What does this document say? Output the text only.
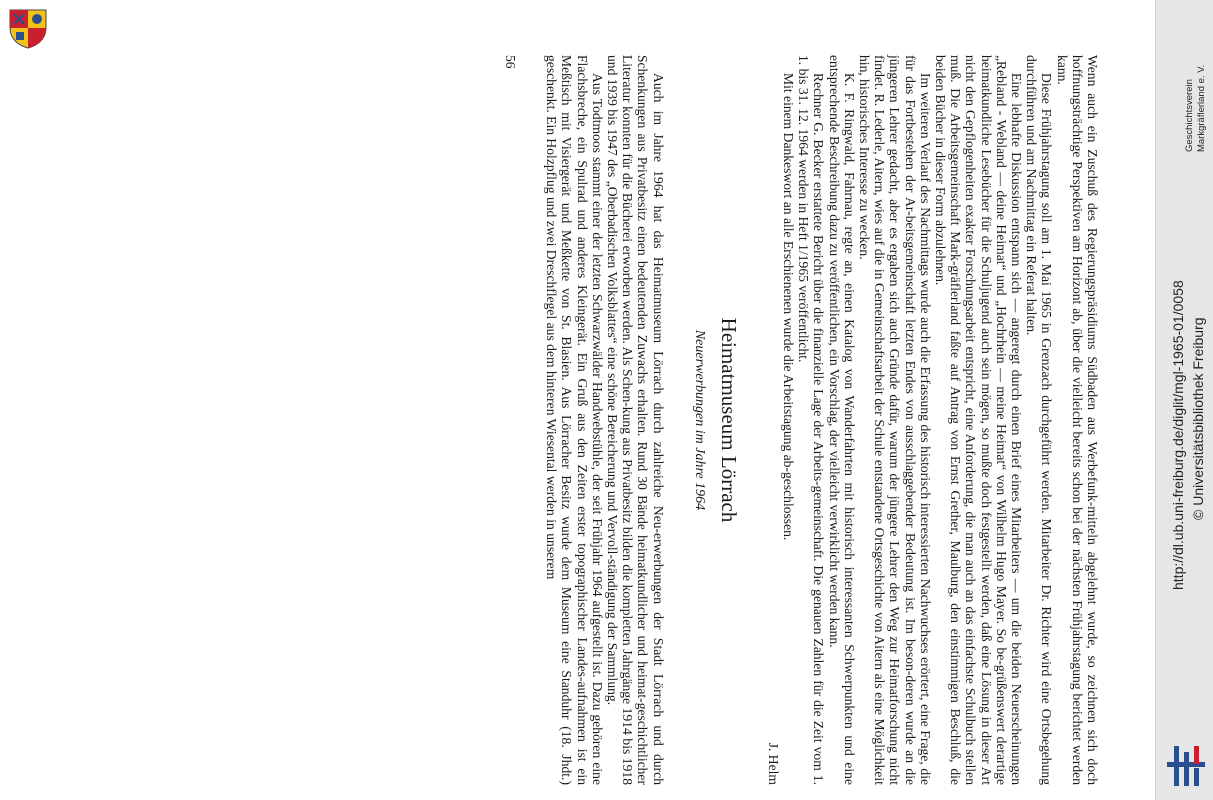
Wenn auch ein Zuschuß des Regierungspräsidiums Südbaden aus Werbefunk-mitteln abgelehnt wurde, so zeichnen sich doch hoffnungsträchtige Perspektiven am Horizont ab, über die vielleicht bereits schon bei der nächsten Frühjahrstagung berichtet werden kann.

Diese Frühjahrstagung soll am 1. Mai 1965 in Grenzach durchgeführt werden. Mitarbeiter Dr. Richter wird eine Ortsbegehung durchführen und am Nachmittag ein Referat halten.

Eine lebhafte Diskussion entspann sich — angeregt durch einen Brief eines Mitarbeiters — um die beiden Neuerscheinungen „Rebland - Webland — deine Heimat“ und „Hochrhein — meine Heimat“ von Wilhelm Hugo Mayer. So be-grüßenswert derartige heimatkundliche Lesebücher für die Schuljugend auch sein mögen, so mußte doch festgestellt werden, daß eine Lösung in dieser Art nicht den Gepflogenheiten exakter Forschungsarbeit entspricht, eine Anforderung, die man auch an das einfachste Schulbuch stellen muß. Die Arbeitsgemeinschaft Mark-gräflerland faßte auf Antrag von Ernst Grether, Maulburg, den einstimmigen Beschluß, die beiden Bücher in dieser Form abzulehnen.

Im weiteren Verlauf des Nachmittags wurde auch die Erfassung des historisch interessierten Nachwuchses erörtert, eine Frage, die für das Fortbestehen der Ar-beitsgemeinschaft letzten Endes von ausschlaggebender Bedeutung ist. Im beson-deren wurde an die jüngeren Lehrer gedacht, aber es ergaben sich auch Gründe dafür, warum der jüngere Lehrer den Weg zur Heimatforschung nicht findet. R. Lederle, Aitern, wies auf die in Gemeinschaftsarbeit der Schule entstandene Ortsgeschichte von Aitern als eine Möglichkeit hin, historisches Interesse zu wecken.

K. F. Ringwald, Fahrnau, regte an, einen Katalog von Wanderfahrten mit historisch interessanten Schwerpunkten und eine entsprechende Beschreibung dazu zu veröffentlichen, ein Vorschlag, der vielleicht verwirklicht werden kann.

Rechner G. Becker erstattete Bericht über die finanzielle Lage der Arbeits-gemeinschaft. Die genauen Zahlen für die Zeit vom 1. 1. bis 31. 12. 1964 werden in Heft 1/1965 veröffentlicht.

Mit einem Dankeswort an alle Erschienenen wurde die Arbeitstagung ab-geschlossen.

J. Helm

Heimatmuseum Lörrach
Neuerwerbungen im Jahre 1964

Auch im Jahre 1964 hat das Heimatmuseum Lörrach durch zahlreiche Neu-erwerbungen der Stadt Lörrach und durch Schenkungen aus Privatbesitz einen bedeutenden Zuwachs erhalten. Rund 30 Bände heimatkundlicher und heimat-geschichtlicher Literatur konnten für die Bücherei erworben werden. Als Schen-kung aus Privatbesitz bilden die kompletten Jahrgänge 1914 bis 1918 und 1939 bis 1947 des „Oberbadischen Volksblattes“ eine schöne Bereicherung und Vervoll-ständigung der Sammlung.

Aus Todtmoos stammt einer der letzten Schwarzwälder Handwebstühle, der seit Frühjahr 1964 aufgestellt ist. Dazu gehören eine Flachsbreche, ein Spulrad und anderes Kleingerät. Ein Gruß aus den Zeiten erster topographischer Landes-aufnahmen ist ein Meßtisch mit Visiergerät und Meßkette von St. Blasien. Aus Lörracher Besitz wurde dem Museum eine Standuhr (18. Jhdt.) geschenkt. Ein Holzpflug und zwei Dreschflegel aus dem hinteren Wiesental werden in unserem

56
Geschichtsverein Markgräflerland e. V.
http://dl.ub.uni-freiburg.de/diglit/mgl-1965-01/0058 © Universitätsbibliothek Freiburg
